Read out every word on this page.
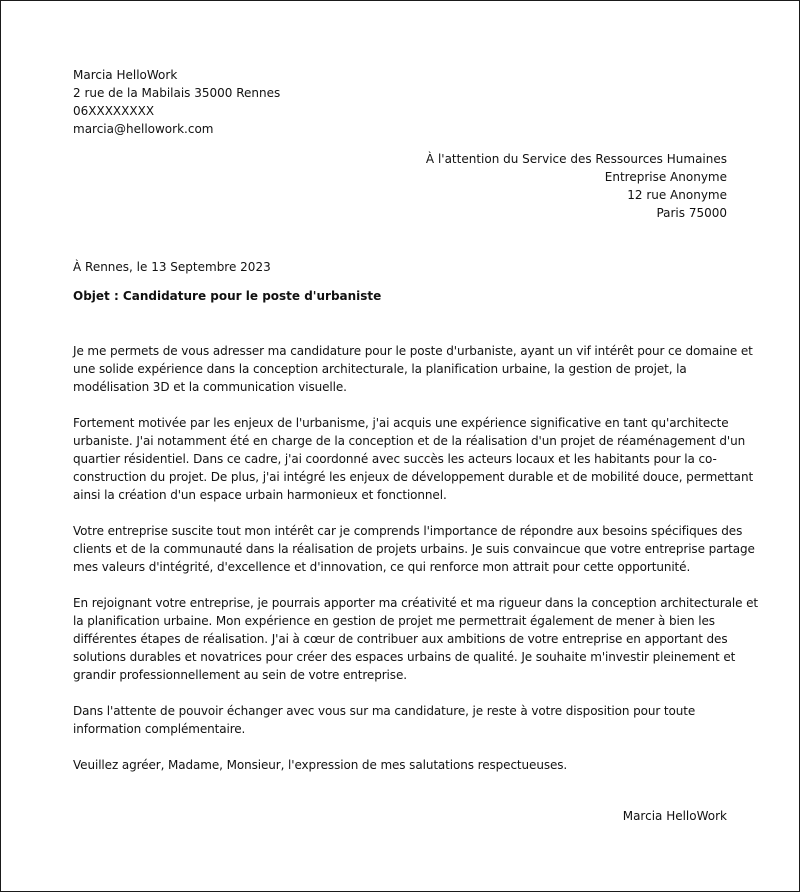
Marcia HelloWork
2 rue de la Mabilais 35000 Rennes
06XXXXXXXX
marcia@hellowork.com
À l'attention du Service des Ressources Humaines
Entreprise Anonyme
12 rue Anonyme
Paris 75000
À Rennes, le 13 Septembre 2023
Objet : Candidature pour le poste d'urbaniste

Je me permets de vous adresser ma candidature pour le poste d'urbaniste, ayant un vif intérêt pour ce domaine et
une solide expérience dans la conception architecturale, la planification urbaine, la gestion de projet, la
modélisation 3D et la communication visuelle.

Fortement motivée par les enjeux de l'urbanisme, j'ai acquis une expérience significative en tant qu'architecte
urbaniste. J'ai notamment été en charge de la conception et de la réalisation d'un projet de réaménagement d'un
quartier résidentiel. Dans ce cadre, j'ai coordonné avec succès les acteurs locaux et les habitants pour la co-
construction du projet. De plus, j'ai intégré les enjeux de développement durable et de mobilité douce, permettant
ainsi la création d'un espace urbain harmonieux et fonctionnel.

Votre entreprise suscite tout mon intérêt car je comprends l'importance de répondre aux besoins spécifiques des
clients et de la communauté dans la réalisation de projets urbains. Je suis convaincue que votre entreprise partage
mes valeurs d'intégrité, d'excellence et d'innovation, ce qui renforce mon attrait pour cette opportunité.

En rejoignant votre entreprise, je pourrais apporter ma créativité et ma rigueur dans la conception architecturale et
la planification urbaine. Mon expérience en gestion de projet me permettrait également de mener à bien les
différentes étapes de réalisation. J'ai à cœur de contribuer aux ambitions de votre entreprise en apportant des
solutions durables et novatrices pour créer des espaces urbains de qualité. Je souhaite m'investir pleinement et
grandir professionnellement au sein de votre entreprise.

Dans l'attente de pouvoir échanger avec vous sur ma candidature, je reste à votre disposition pour toute
information complémentaire.

Veuillez agréer, Madame, Monsieur, l'expression de mes salutations respectueuses.

Marcia HelloWork
